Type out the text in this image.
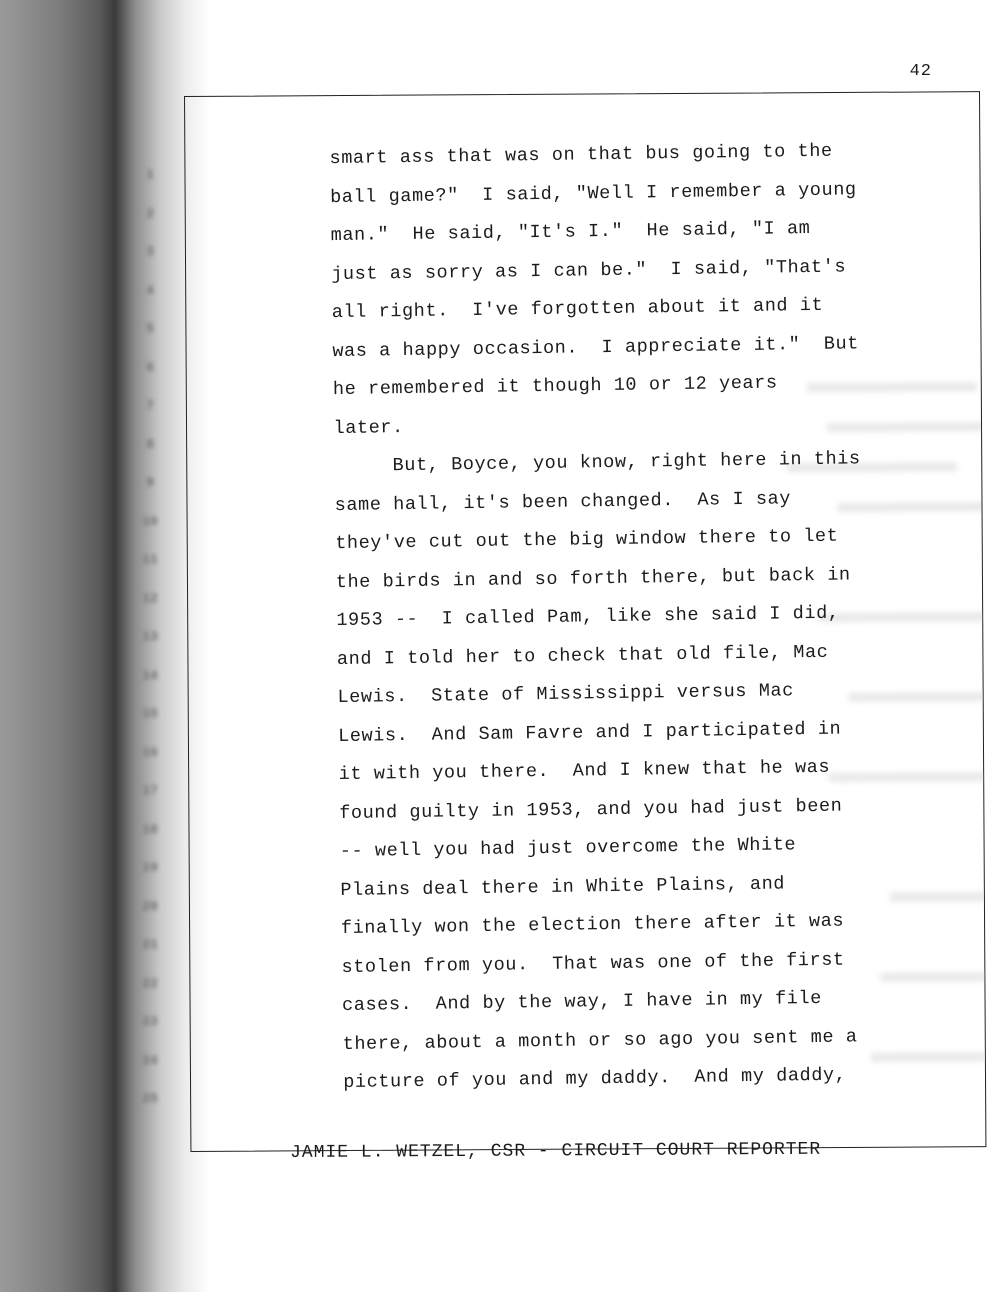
1
2
3
4
5
6
7
8
9
10
11
12
13
14
15
16
17
18
19
20
21
22
23
24
25
42
smart ass that was on that bus going to the
ball game?"  I said, "Well I remember a young
man."  He said, "It's I."  He said, "I am
just as sorry as I can be."  I said, "That's
all right.  I've forgotten about it and it
was a happy occasion.  I appreciate it."  But
he remembered it though 10 or 12 years
later.
But, Boyce, you know, right here in this
same hall, it's been changed.  As I say
they've cut out the big window there to let
the birds in and so forth there, but back in
1953 --  I called Pam, like she said I did,
and I told her to check that old file, Mac
Lewis.  State of Mississippi versus Mac
Lewis.  And Sam Favre and I participated in
it with you there.  And I knew that he was
found guilty in 1953, and you had just been
-- well you had just overcome the White
Plains deal there in White Plains, and
finally won the election there after it was
stolen from you.  That was one of the first
cases.  And by the way, I have in my file
there, about a month or so ago you sent me a
picture of you and my daddy.  And my daddy,
JAMIE L. WETZEL, CSR - CIRCUIT COURT REPORTER
